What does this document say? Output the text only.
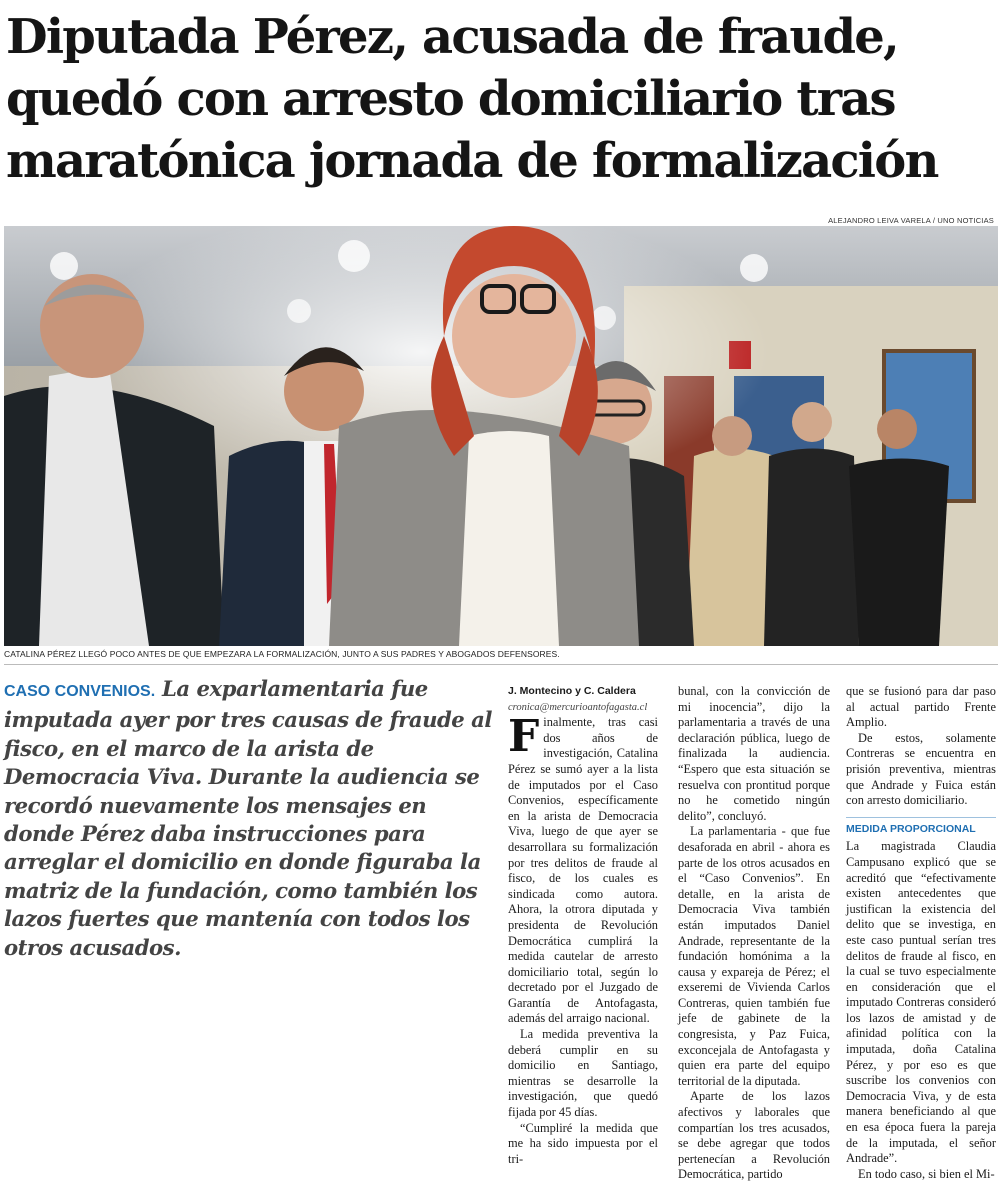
Diputada Pérez, acusada de fraude, quedó con arresto domiciliario tras maratónica jornada de formalización
ALEJANDRO LEIVA VARELA / UNO NOTICIAS
CATALINA PÉREZ LLEGÓ POCO ANTES DE QUE EMPEZARA LA FORMALIZACIÓN, JUNTO A SUS PADRES Y ABOGADOS DEFENSORES.

CASO CONVENIOS. La exparlamentaria fue imputada ayer por tres causas de fraude al fisco, en el marco de la arista de Democracia Viva. Durante la audiencia se recordó nuevamente los mensajes en donde Pérez daba instrucciones para arreglar el domicilio en donde figuraba la matriz de la fundación, como también los lazos fuertes que mantenía con todos los otros acusados.

J. Montecino y C. Caldera

cronica@mercurioantofagasta.cl

Finalmente, tras casi dos años de investigación, Catalina Pérez se sumó ayer a la lista de imputados por el Caso Convenios, específicamente en la arista de Democracia Viva, luego de que ayer se desarrollara su formalización por tres delitos de fraude al fisco, de los cuales es sindicada como autora. Ahora, la otrora diputada y presidenta de Revolución Democrática cumplirá la medida cautelar de arresto domiciliario total, según lo decretado por el Juzgado de Garantía de Antofagasta, además del arraigo nacional.

La medida preventiva la deberá cumplir en su domicilio en Santiago, mientras se desarrolle la investigación, que quedó fijada por 45 días.

“Cumpliré la medida que me ha sido impuesta por el tri-

bunal, con la convicción de mi inocencia”, dijo la parlamentaria a través de una declaración pública, luego de finalizada la audiencia. “Espero que esta situación se resuelva con prontitud porque no he cometido ningún delito”, concluyó.

La parlamentaria - que fue desaforada en abril - ahora es parte de los otros acusados en el “Caso Convenios”. En detalle, en la arista de Democracia Viva también están imputados Daniel Andrade, representante de la fundación homónima a la causa y expareja de Pérez; el exseremi de Vivienda Carlos Contreras, quien también fue jefe de gabinete de la congresista, y Paz Fuica, exconcejala de Antofagasta y quien era parte del equipo territorial de la diputada.

Aparte de los lazos afectivos y laborales que compartían los tres acusados, se debe agregar que todos pertenecían a Revolución Democrática, partido

que se fusionó para dar paso al actual partido Frente Amplio.

De estos, solamente Contreras se encuentra en prisión preventiva, mientras que Andrade y Fuica están con arresto domiciliario.

MEDIDA PROPORCIONAL

La magistrada Claudia Campusano explicó que se acreditó que “efectivamente existen antecedentes que justifican la existencia del delito que se investiga, en este caso puntual serían tres delitos de fraude al fisco, en la cual se tuvo especialmente en consideración que el imputado Contreras consideró los lazos de amistad y de afinidad política con la imputada, doña Catalina Pérez, y por eso es que suscribe los convenios con Democracia Viva, y de esta manera beneficiando al que en esa época fuera la pareja de la imputada, el señor Andrade”.

En todo caso, si bien el Mi-
